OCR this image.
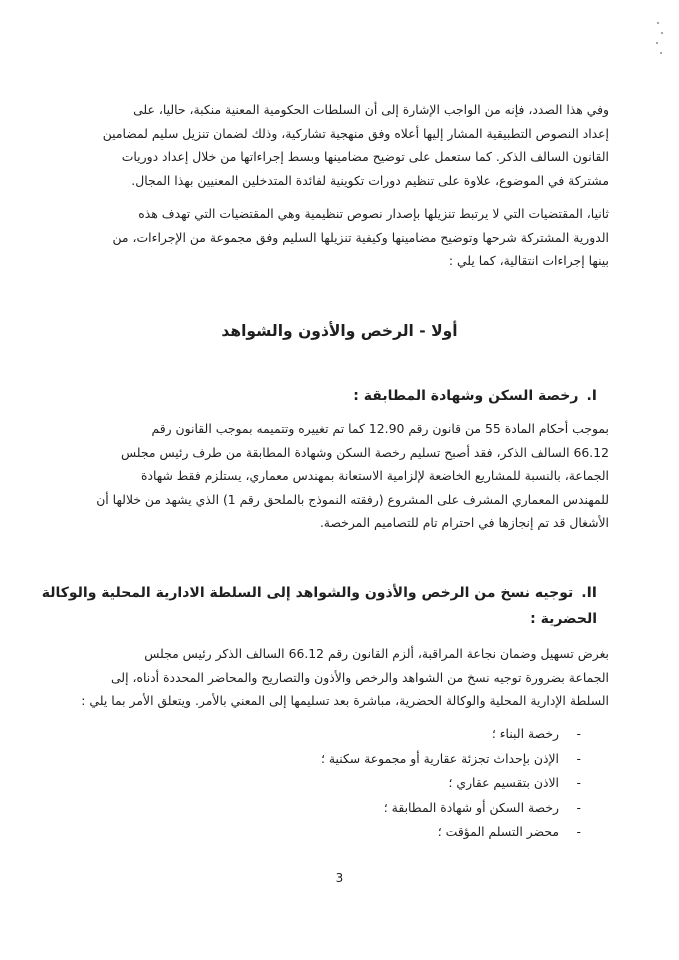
وفي هذا الصدد، فإنه من الواجب الإشارة إلى أن السلطات الحكومية المعنية منكبة، حاليا، على
إعداد النصوص التطبيقية المشار إليها أعلاه وفق منهجية تشاركية، وذلك لضمان تنزيل سليم لمضامين
القانون السالف الذكر. كما ستعمل على توضيح مضامينها وبسط إجراءاتها من خلال إعداد دوريات
مشتركة في الموضوع، علاوة على تنظيم دورات تكوينية لفائدة المتدخلين المعنيين بهذا المجال.
ثانيا، المقتضيات التي لا يرتبط تنزيلها بإصدار نصوص تنظيمية وهي المقتضيات التي تهدف هذه
الدورية المشتركة شرحها وتوضيح مضامينها وكيفية تنزيلها السليم وفق مجموعة من الإجراءات، من
بينها إجراءات انتقالية، كما يلي :
أولا - الرخص والأذون والشواهد
I.رخصة السكن وشهادة المطابقة :
بموجب أحكام المادة 55 من قانون رقم 12.90 كما تم تغييره وتتميمه بموجب القانون رقم
66.12 السالف الذكر، فقد أصبح تسليم رخصة السكن وشهادة المطابقة من طرف رئيس مجلس
الجماعة، بالنسبة للمشاريع الخاضعة لإلزامية الاستعانة بمهندس معماري، يستلزم فقط شهادة
للمهندس المعماري المشرف على المشروع (رفقته النموذج بالملحق رقم 1) الذي يشهد من خلالها أن
الأشغال قد تم إنجازها في احترام تام للتصاميم المرخصة.
II.توجيه نسخ من الرخص والأذون والشواهد إلى السلطة الادارية المحلية والوكالة
الحضرية :
بغرض تسهيل وضمان نجاعة المراقبة، ألزم القانون رقم 66.12 السالف الذكر رئيس مجلس
الجماعة بضرورة توجيه نسخ من الشواهد والرخص والأذون والتصاريح والمحاضر المحددة أدناه، إلى
السلطة الإدارية المحلية والوكالة الحضرية، مباشرة بعد تسليمها إلى المعني بالأمر. ويتعلق الأمر بما يلي :
-رخصة البناء ؛
-الإذن بإحداث تجزئة عقارية أو مجموعة سكنية ؛
-الاذن بتقسيم عقاري ؛
-رخصة السكن أو شهادة المطابقة ؛
-محضر التسلم المؤقت ؛
3
